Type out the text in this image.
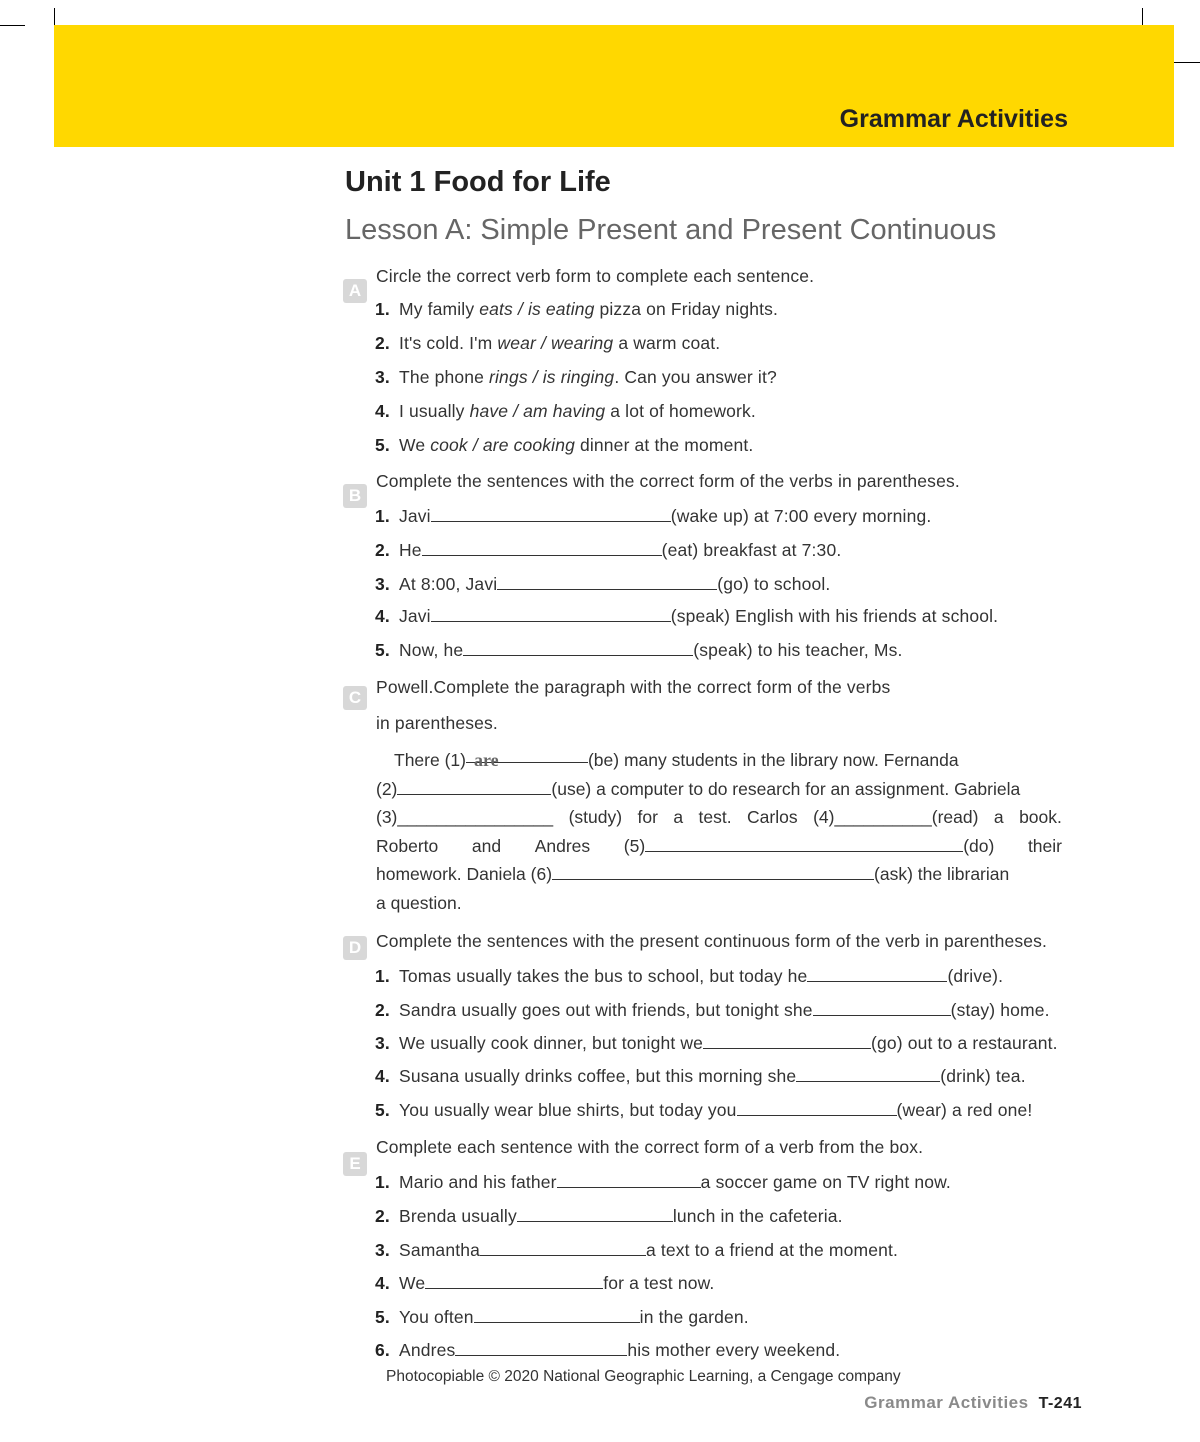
Grammar Activities
Unit 1 Food for Life
Lesson A: Simple Present and Present Continuous
A
Circle the correct verb form to complete each sentence.
1. My family eats / is eating pizza on Friday nights.
2. It's cold. I'm wear / wearing a warm coat.
3. The phone rings / is ringing. Can you answer it?
4. I usually have / am having a lot of homework.
5. We cook / are cooking dinner at the moment.
B
Complete the sentences with the correct form of the verbs in parentheses.
1. Javi	(wake up) at 7:00 every morning.
2. He	(eat) breakfast at 7:30.
3. At 8:00, Javi	(go) to school.
4. Javi	(speak) English with his friends at school.
5. Now, he	(speak) to his teacher, Ms.
C
Powell.Complete the paragraph with the correct form of the verbs
in parentheses.
There (1) are	(be) many students in the library now. Fernanda
(2)	(use) a computer to do research for an assignment. Gabriela
(3)________________ (study) for a test. Carlos (4)__________(read) a book.
Roberto and Andres (5)	(do) their
homework. Daniela (6)	(ask) the librarian
a question.
D Complete the sentences with the present continuous form of the verb in parentheses.
1. Tomas usually takes the bus to school, but today he	(drive).
2. Sandra usually goes out with friends, but tonight she	(stay) home.
3. We usually cook dinner, but tonight we	(go) out to a restaurant.
4. Susana usually drinks coffee, but this morning she	(drink) tea.
5. You usually wear blue shirts, but today you	(wear) a red one!
E
Complete each sentence with the correct form of a verb from the box.
1. Mario and his father	a soccer game on TV right now.
2. Brenda usually	lunch in the cafeteria.
3. Samantha	a text to a friend at the moment.
4. We	for a test now.
5. You often	in the garden.
6. Andres	his mother every weekend.
Photocopiable © 2020 National Geographic Learning, a Cengage company
Grammar Activities T-241
